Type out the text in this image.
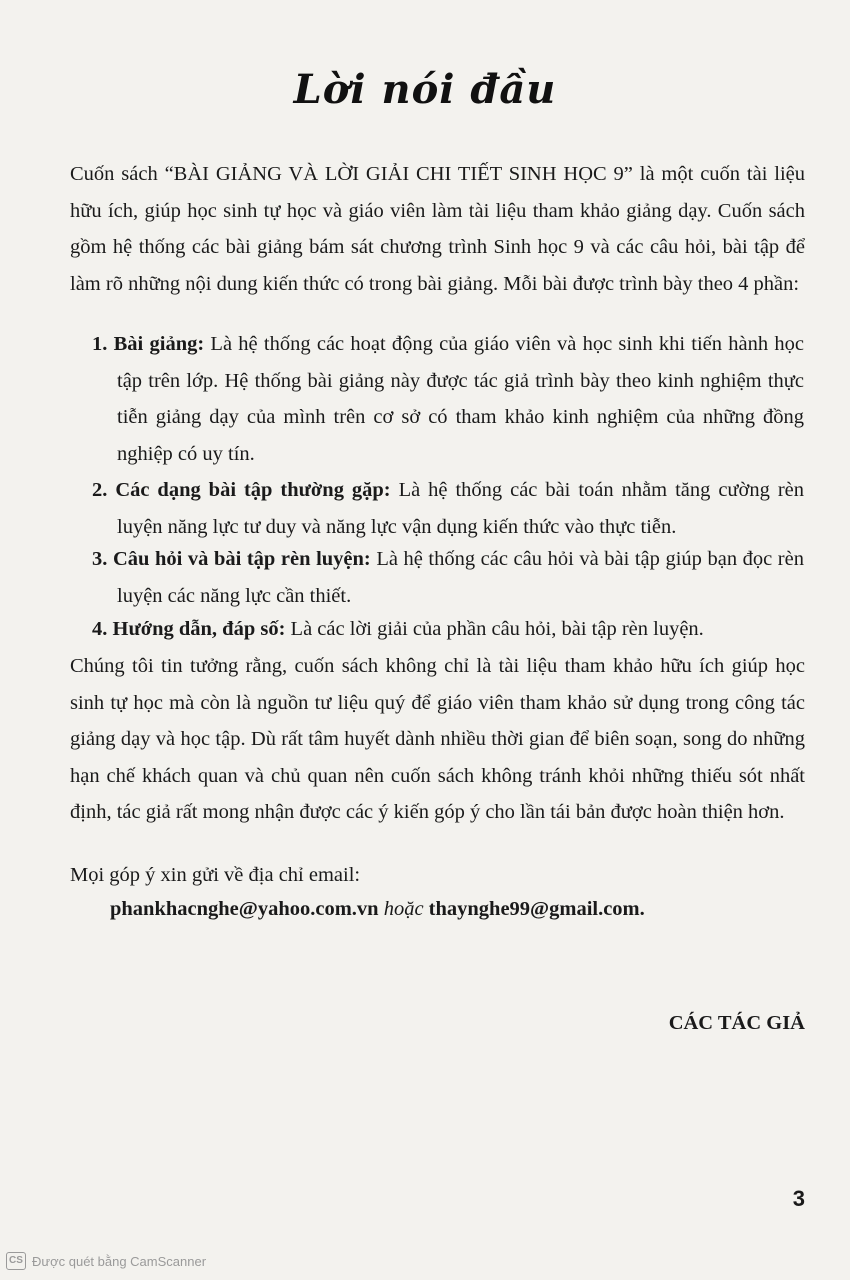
Lời nói đầu
Cuốn sách “BÀI GIẢNG VÀ LỜI GIẢI CHI TIẾT SINH HỌC 9” là một cuốn tài liệu hữu ích, giúp học sinh tự học và giáo viên làm tài liệu tham khảo giảng dạy. Cuốn sách gồm hệ thống các bài giảng bám sát chương trình Sinh học 9 và các câu hỏi, bài tập để làm rõ những nội dung kiến thức có trong bài giảng. Mỗi bài được trình bày theo 4 phần:
1. Bài giảng: Là hệ thống các hoạt động của giáo viên và học sinh khi tiến hành học tập trên lớp. Hệ thống bài giảng này được tác giả trình bày theo kinh nghiệm thực tiễn giảng dạy của mình trên cơ sở có tham khảo kinh nghiệm của những đồng nghiệp có uy tín.
2. Các dạng bài tập thường gặp: Là hệ thống các bài toán nhằm tăng cường rèn luyện năng lực tư duy và năng lực vận dụng kiến thức vào thực tiễn.
3. Câu hỏi và bài tập rèn luyện: Là hệ thống các câu hỏi và bài tập giúp bạn đọc rèn luyện các năng lực cần thiết.
4. Hướng dẫn, đáp số: Là các lời giải của phần câu hỏi, bài tập rèn luyện.
Chúng tôi tin tưởng rằng, cuốn sách không chỉ là tài liệu tham khảo hữu ích giúp học sinh tự học mà còn là nguồn tư liệu quý để giáo viên tham khảo sử dụng trong công tác giảng dạy và học tập. Dù rất tâm huyết dành nhiều thời gian để biên soạn, song do những hạn chế khách quan và chủ quan nên cuốn sách không tránh khỏi những thiếu sót nhất định, tác giả rất mong nhận được các ý kiến góp ý cho lần tái bản được hoàn thiện hơn.
Mọi góp ý xin gửi về địa chỉ email:
phankhacnghe@yahoo.com.vn hoặc thaynghe99@gmail.com.
CÁC TÁC GIẢ
3
CS Được quét bằng CamScanner
